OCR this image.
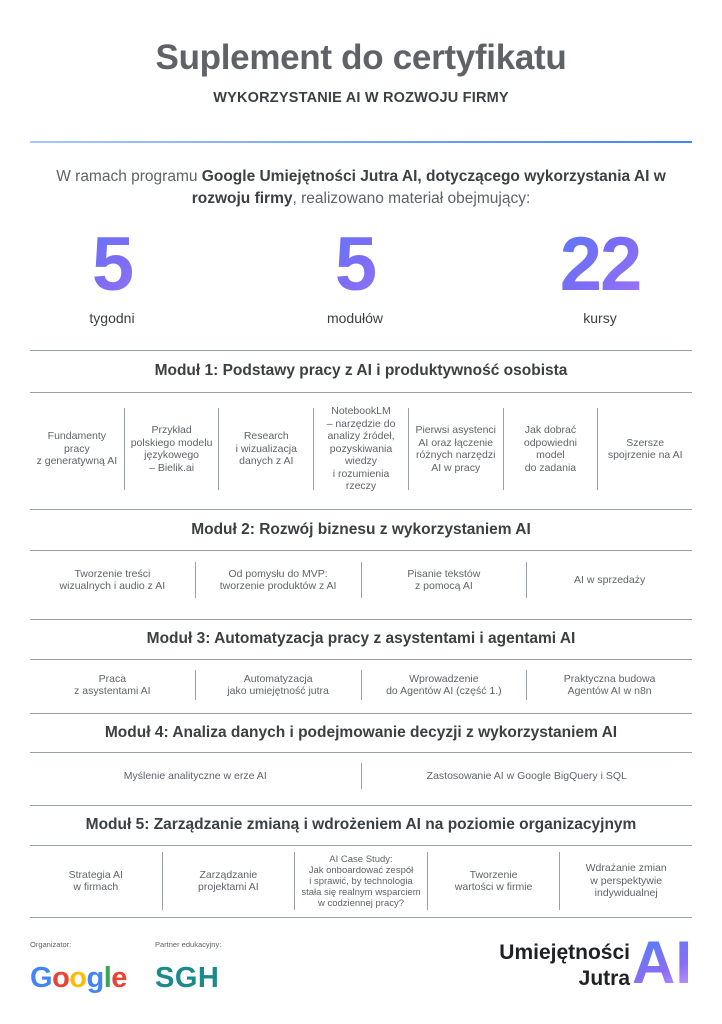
Suplement do certyfikatu
WYKORZYSTANIE AI W ROZWOJU FIRMY
W ramach programu Google Umiejętności Jutra AI, dotyczącego wykorzystania AI w rozwoju firmy, realizowano materiał obejmujący:
5
tygodni
5
modułów
22
kursy
Moduł 1: Podstawy pracy z AI i produktywność osobista
Fundamenty
pracy
z generatywną AI
Przykład
polskiego modelu
językowego
– Bielik.ai
Research
i wizualizacja
danych z AI
NotebookLM
– narzędzie do
analizy źródeł,
pozyskiwania
wiedzy
i rozumienia
rzeczy
Pierwsi asystenci
AI oraz łączenie
różnych narzędzi
AI w pracy
Jak dobrać
odpowiedni
model
do zadania
Szersze
spojrzenie na AI
Moduł 2: Rozwój biznesu z wykorzystaniem AI
Tworzenie treści
wizualnych i audio z AI
Od pomysłu do MVP:
tworzenie produktów z AI
Pisanie tekstów
z pomocą AI
AI w sprzedaży
Moduł 3: Automatyzacja pracy z asystentami i agentami AI
Praca
z asystentami AI
Automatyzacja
jako umiejętność jutra
Wprowadzenie
do Agentów AI (część 1.)
Praktyczna budowa
Agentów AI w n8n
Moduł 4: Analiza danych i podejmowanie decyzji z wykorzystaniem AI
Myślenie analityczne w erze AI	Zastosowanie AI w Google BigQuery i SQL
Moduł 5: Zarządzanie zmianą i wdrożeniem AI na poziomie organizacyjnym
Strategia AI
w firmach
Zarządzanie
projektami AI
AI Case Study:
Jak onboardować zespół
i sprawić, by technologia
stała się realnym wsparciem
w codziennej pracy?
Tworzenie
wartości w firmie
Wdrażanie zmian
w perspektywie
indywidualnej
Organizator:	Partner edukacyjny:
Google SGH
Umiejętności
Jutra AI
